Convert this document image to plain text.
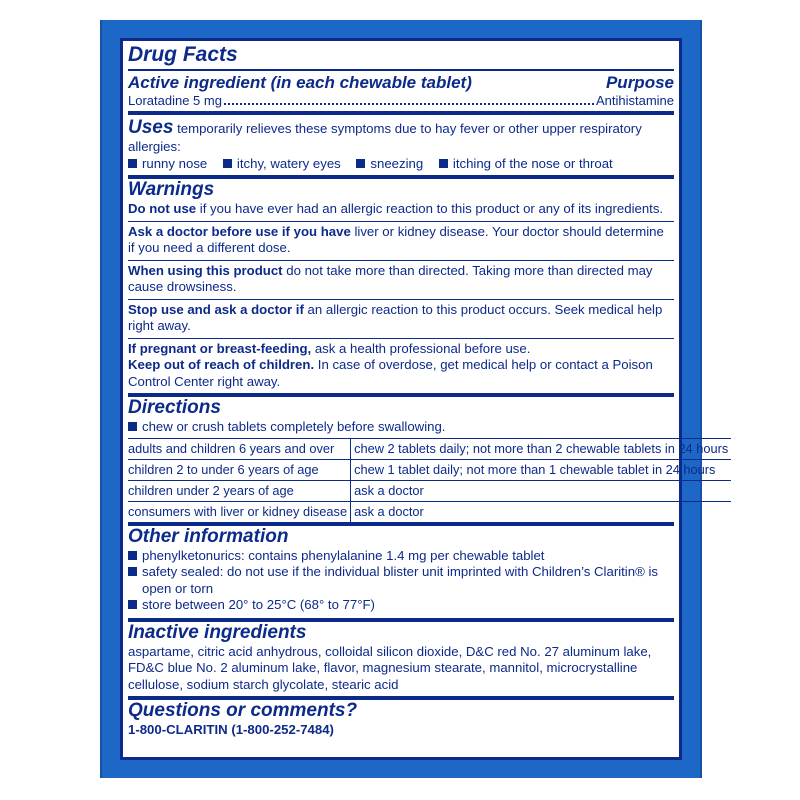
Drug Facts
Active ingredient (in each chewable tablet)	Purpose
Loratadine 5 mg	Antihistamine
Uses temporarily relieves these symptoms due to hay fever or other upper respiratory allergies:
runny nose itchy, watery eyes sneezing itching of the nose or throat
Warnings
Do not use if you have ever had an allergic reaction to this product or any of its ingredients.
Ask a doctor before use if you have liver or kidney disease. Your doctor should determine if you need a different dose.
When using this product do not take more than directed. Taking more than directed may cause drowsiness.
Stop use and ask a doctor if an allergic reaction to this product occurs. Seek medical help right away.
If pregnant or breast-feeding, ask a health professional before use.
Keep out of reach of children. In case of overdose, get medical help or contact a Poison Control Center right away.
Directions
chew or crush tablets completely before swallowing.
adults and children 6 years and over	chew 2 tablets daily; not more than 2 chewable tablets in 24 hours
children 2 to under 6 years of age	chew 1 tablet daily; not more than 1 chewable tablet in 24 hours
children under 2 years of age	ask a doctor
consumers with liver or kidney disease	ask a doctor
Other information
phenylketonurics: contains phenylalanine 1.4 mg per chewable tablet
safety sealed: do not use if the individual blister unit imprinted with Children’s Claritin® is open or torn
store between 20° to 25°C (68° to 77°F)
Inactive ingredients
aspartame, citric acid anhydrous, colloidal silicon dioxide, D&C red No. 27 aluminum lake, FD&C blue No. 2 aluminum lake, flavor, magnesium stearate, mannitol, microcrystalline cellulose, sodium starch glycolate, stearic acid
Questions or comments?
1-800-CLARITIN (1-800-252-7484)
